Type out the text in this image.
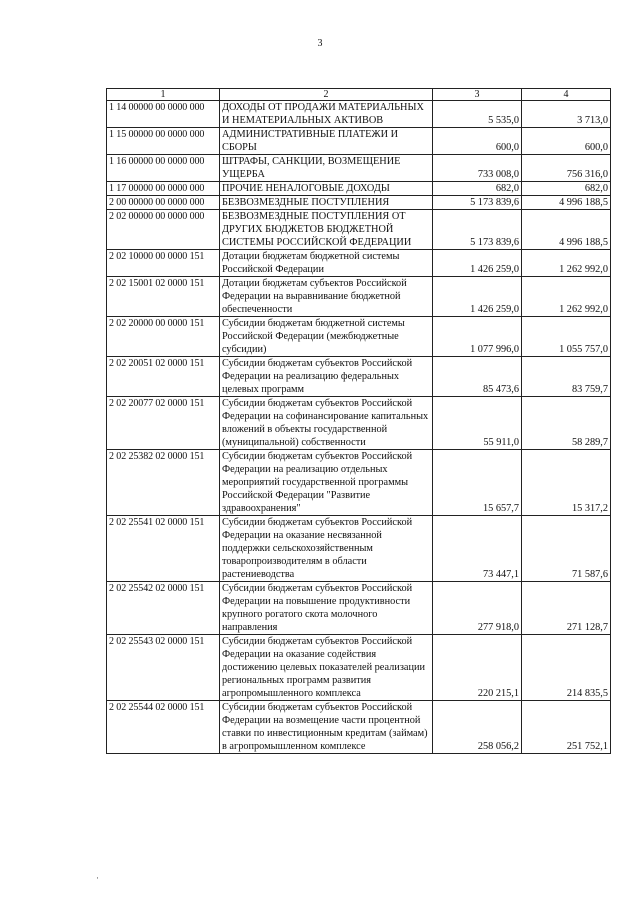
3
1	2	3	4
1 14 00000 00 0000 000	ДОХОДЫ ОТ ПРОДАЖИ МАТЕРИАЛЬНЫХ И НЕМАТЕРИАЛЬНЫХ АКТИВОВ	5 535,0	3 713,0
1 15 00000 00 0000 000	АДМИНИСТРАТИВНЫЕ ПЛАТЕЖИ И СБОРЫ	600,0	600,0
1 16 00000 00 0000 000	ШТРАФЫ, САНКЦИИ, ВОЗМЕЩЕНИЕ УЩЕРБА	733 008,0	756 316,0
1 17 00000 00 0000 000	ПРОЧИЕ НЕНАЛОГОВЫЕ ДОХОДЫ	682,0	682,0
2 00 00000 00 0000 000	БЕЗВОЗМЕЗДНЫЕ ПОСТУПЛЕНИЯ	5 173 839,6	4 996 188,5
2 02 00000 00 0000 000	БЕЗВОЗМЕЗДНЫЕ ПОСТУПЛЕНИЯ ОТ ДРУГИХ БЮДЖЕТОВ БЮДЖЕТНОЙ СИСТЕМЫ РОССИЙСКОЙ ФЕДЕРАЦИИ	5 173 839,6	4 996 188,5
2 02 10000 00 0000 151	Дотации бюджетам бюджетной системы Российской Федерации	1 426 259,0	1 262 992,0
2 02 15001 02 0000 151	Дотации бюджетам субъектов Российской Федерации на выравнивание бюджетной обеспеченности	1 426 259,0	1 262 992,0
2 02 20000 00 0000 151	Субсидии бюджетам бюджетной системы Российской Федерации (межбюджетные субсидии)	1 077 996,0	1 055 757,0
2 02 20051 02 0000 151	Субсидии бюджетам субъектов Российской Федерации на реализацию федеральных целевых программ	85 473,6	83 759,7
2 02 20077 02 0000 151	Субсидии бюджетам субъектов Российской Федерации на софинансирование капитальных вложений в объекты государственной (муниципальной) собственности	55 911,0	58 289,7
2 02 25382 02 0000 151	Субсидии бюджетам субъектов Российской Федерации на реализацию отдельных мероприятий государственной программы Российской Федерации "Развитие здравоохранения"	15 657,7	15 317,2
2 02 25541 02 0000 151	Субсидии бюджетам субъектов Российской Федерации на оказание несвязанной поддержки сельскохозяйственным товаропроизводителям в области растениеводства	73 447,1	71 587,6
2 02 25542 02 0000 151	Субсидии бюджетам субъектов Российской Федерации на повышение продуктивности крупного рогатого скота молочного направления	277 918,0	271 128,7
2 02 25543 02 0000 151	Субсидии бюджетам субъектов Российской Федерации на оказание содействия достижению целевых показателей реализации региональных программ развития агропромышленного комплекса	220 215,1	214 835,5
2 02 25544 02 0000 151	Субсидии бюджетам субъектов Российской Федерации на возмещение части процентной ставки по инвестиционным кредитам (займам) в агропромышленном комплексе	258 056,2	251 752,1
·
